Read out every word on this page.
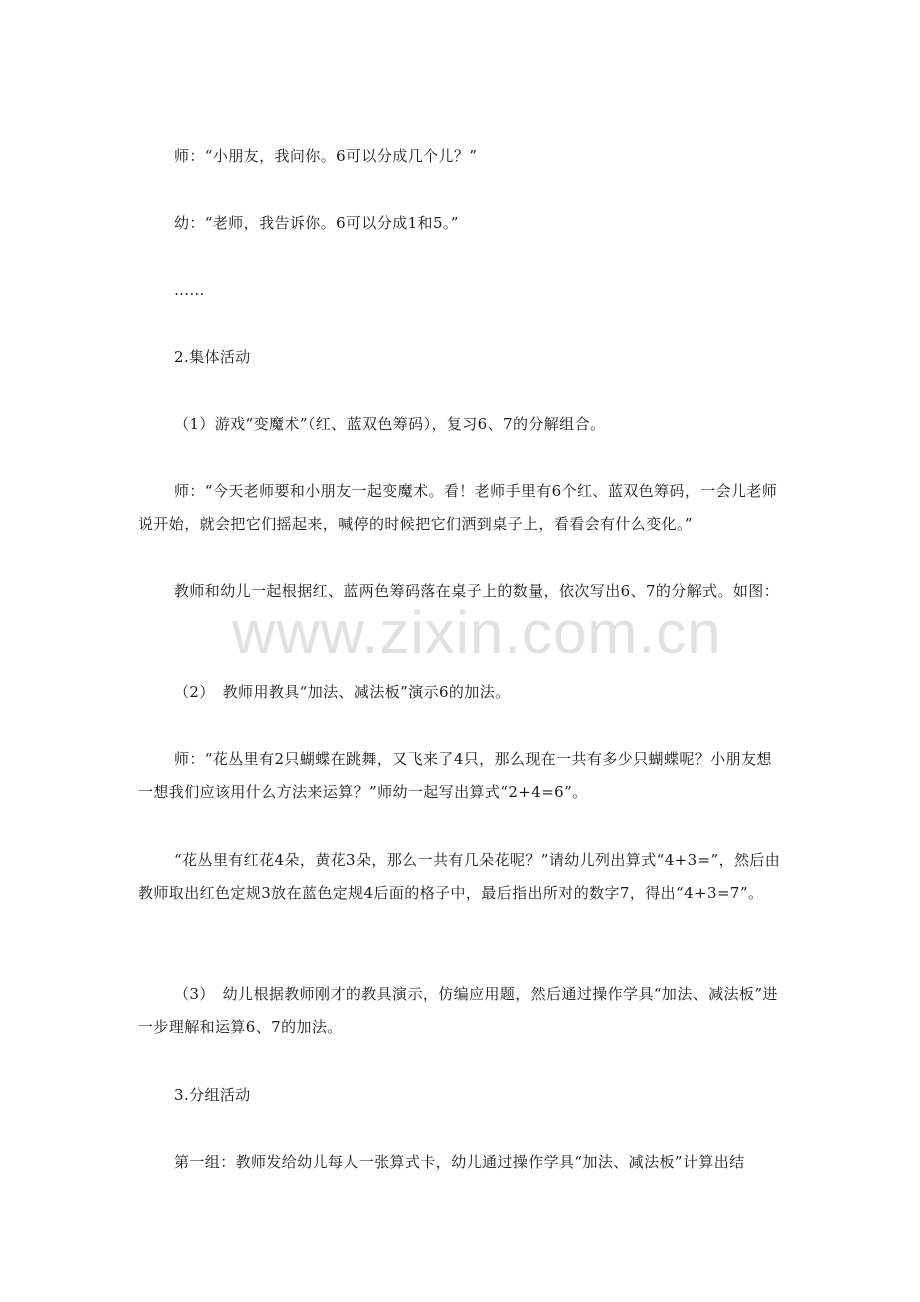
师：“小朋友，我问你。6可以分成几个儿？”

幼：“老师，我告诉你。6可以分成1和5。”

……

2.集体活动

（1）游戏“变魔术”（红、蓝双色筹码），复习6、7的分解组合。

师：“今天老师要和小朋友一起变魔术。看！老师手里有6个红、蓝双色筹码，一会儿老师说开始，就会把它们摇起来，喊停的时候把它们洒到桌子上，看看会有什么变化。”

教师和幼儿一起根据红、蓝两色筹码落在桌子上的数量，依次写出6、7的分解式。如图：

（2）　教师用教具“加法、减法板”演示6的加法。

师：“花丛里有2只蝴蝶在跳舞，又飞来了4只，那么现在一共有多少只蝴蝶呢？小朋友想一想我们应该用什么方法来运算？”师幼一起写出算式“2+4=6”。

“花丛里有红花4朵，黄花3朵，那么一共有几朵花呢？”请幼儿列出算式“4+3=”，然后由教师取出红色定规3放在蓝色定规4后面的格子中，最后指出所对的数字7，得出“4+3=7”。

（3）　幼儿根据教师刚才的教具演示，仿编应用题，然后通过操作学具“加法、减法板”进一步理解和运算6、7的加法。

3.分组活动

第一组：教师发给幼儿每人一张算式卡，幼儿通过操作学具“加法、减法板”计算出结

www.zixin.com.cn
